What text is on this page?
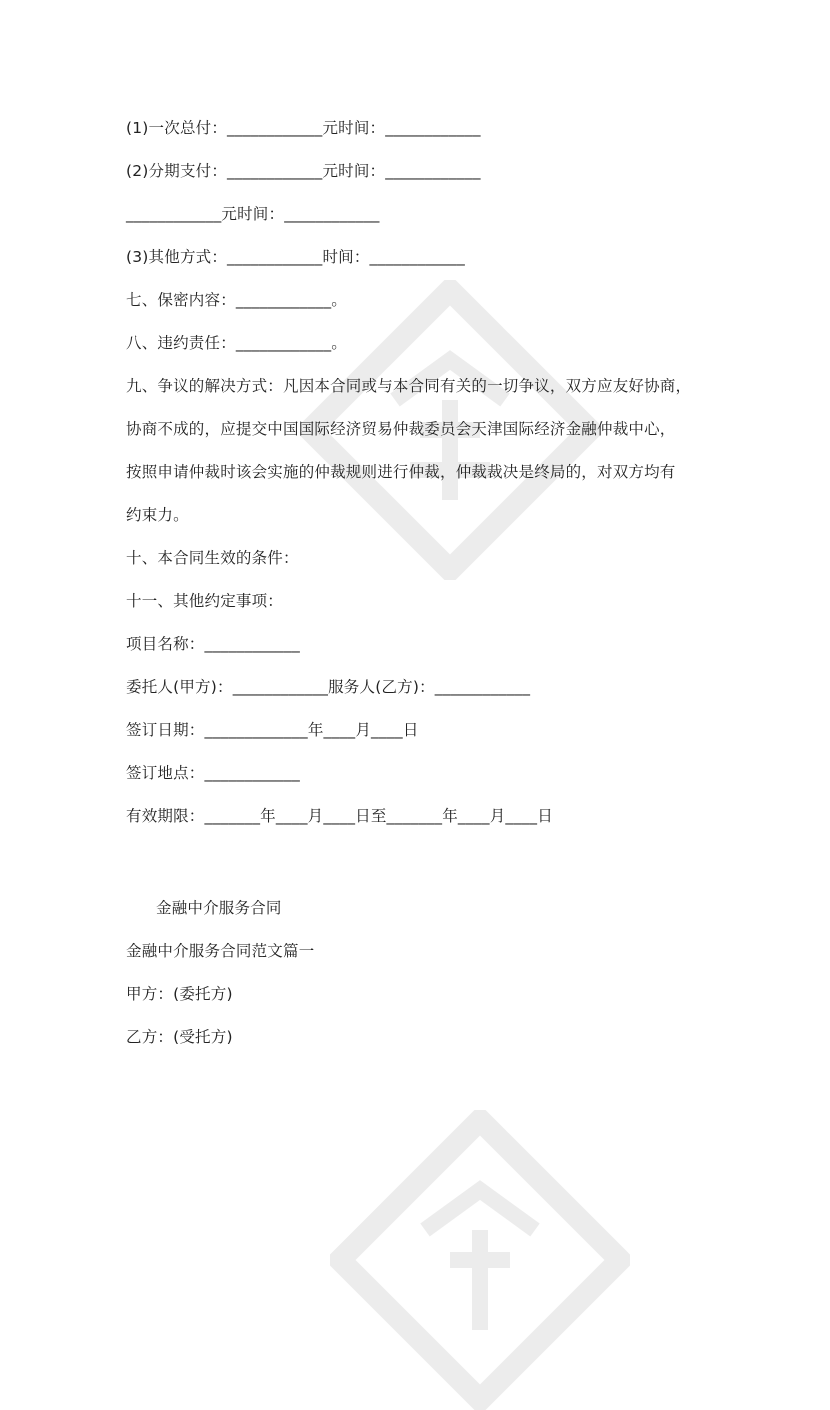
(1)一次总付：____________元时间：____________
(2)分期支付：____________元时间：____________
____________元时间：____________
(3)其他方式：____________时间：____________
七、保密内容：____________。
八、违约责任：____________。
九、争议的解决方式：凡因本合同或与本合同有关的一切争议，双方应友好协商，
协商不成的，应提交中国国际经济贸易仲裁委员会天津国际经济金融仲裁中心，
按照申请仲裁时该会实施的仲裁规则进行仲裁，仲裁裁决是终局的，对双方均有
约束力。
十、本合同生效的条件：
十一、其他约定事项：
项目名称：____________
委托人(甲方)：____________服务人(乙方)：____________
签订日期：_____________年____月____日
签订地点：____________
有效期限：_______年____月____日至_______年____月____日
金融中介服务合同
金融中介服务合同范文篇一
甲方：(委托方)
乙方：(受托方)
